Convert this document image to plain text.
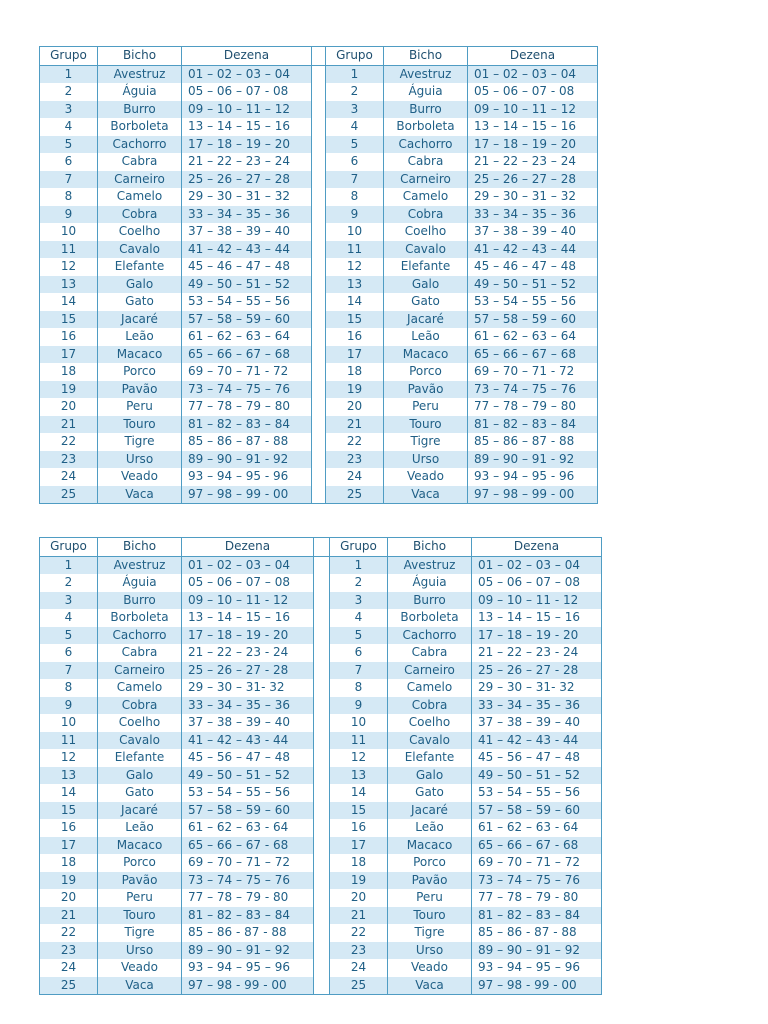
Grupo	Bicho	Dezena		Grupo	Bicho	Dezena
1	Avestruz	01 – 02 – 03 – 04		1	Avestruz	01 – 02 – 03 – 04
2	Águia	05 – 06 – 07 - 08		2	Águia	05 – 06 – 07 - 08
3	Burro	09 – 10 – 11 – 12		3	Burro	09 – 10 – 11 – 12
4	Borboleta	13 – 14 – 15 – 16		4	Borboleta	13 – 14 – 15 – 16
5	Cachorro	17 – 18 – 19 – 20		5	Cachorro	17 – 18 – 19 – 20
6	Cabra	21 – 22 – 23 – 24		6	Cabra	21 – 22 – 23 – 24
7	Carneiro	25 – 26 – 27 – 28		7	Carneiro	25 – 26 – 27 – 28
8	Camelo	29 – 30 – 31 – 32		8	Camelo	29 – 30 – 31 – 32
9	Cobra	33 – 34 – 35 – 36		9	Cobra	33 – 34 – 35 – 36
10	Coelho	37 – 38 – 39 – 40		10	Coelho	37 – 38 – 39 – 40
11	Cavalo	41 – 42 – 43 – 44		11	Cavalo	41 – 42 – 43 – 44
12	Elefante	45 – 46 – 47 – 48		12	Elefante	45 – 46 – 47 – 48
13	Galo	49 – 50 – 51 – 52		13	Galo	49 – 50 – 51 – 52
14	Gato	53 – 54 – 55 – 56		14	Gato	53 – 54 – 55 – 56
15	Jacaré	57 – 58 – 59 – 60		15	Jacaré	57 – 58 – 59 – 60
16	Leão	61 – 62 – 63 – 64		16	Leão	61 – 62 – 63 – 64
17	Macaco	65 – 66 – 67 – 68		17	Macaco	65 – 66 – 67 – 68
18	Porco	69 – 70 – 71 - 72		18	Porco	69 – 70 – 71 - 72
19	Pavão	73 – 74 – 75 – 76		19	Pavão	73 – 74 – 75 – 76
20	Peru	77 – 78 – 79 – 80		20	Peru	77 – 78 – 79 – 80
21	Touro	81 – 82 – 83 – 84		21	Touro	81 – 82 – 83 – 84
22	Tigre	85 – 86 – 87 - 88		22	Tigre	85 – 86 – 87 - 88
23	Urso	89 – 90 – 91 - 92		23	Urso	89 – 90 – 91 - 92
24	Veado	93 – 94 – 95 - 96		24	Veado	93 – 94 – 95 - 96
25	Vaca	97 – 98 – 99 - 00		25	Vaca	97 – 98 – 99 - 00
Grupo	Bicho	Dezena		Grupo	Bicho	Dezena
1	Avestruz	01 – 02 – 03 – 04		1	Avestruz	01 – 02 – 03 – 04
2	Águia	05 – 06 – 07 – 08		2	Águia	05 – 06 – 07 – 08
3	Burro	09 – 10 – 11 - 12		3	Burro	09 – 10 – 11 - 12
4	Borboleta	13 – 14 – 15 – 16		4	Borboleta	13 – 14 – 15 – 16
5	Cachorro	17 – 18 – 19 - 20		5	Cachorro	17 – 18 – 19 - 20
6	Cabra	21 – 22 – 23 - 24		6	Cabra	21 – 22 – 23 - 24
7	Carneiro	25 – 26 – 27 - 28		7	Carneiro	25 – 26 – 27 - 28
8	Camelo	29 – 30 – 31- 32		8	Camelo	29 – 30 – 31- 32
9	Cobra	33 – 34 – 35 – 36		9	Cobra	33 – 34 – 35 – 36
10	Coelho	37 – 38 – 39 – 40		10	Coelho	37 – 38 – 39 – 40
11	Cavalo	41 – 42 – 43 - 44		11	Cavalo	41 – 42 – 43 - 44
12	Elefante	45 – 56 – 47 – 48		12	Elefante	45 – 56 – 47 – 48
13	Galo	49 – 50 – 51 – 52		13	Galo	49 – 50 – 51 – 52
14	Gato	53 – 54 – 55 – 56		14	Gato	53 – 54 – 55 – 56
15	Jacaré	57 – 58 – 59 – 60		15	Jacaré	57 – 58 – 59 – 60
16	Leão	61 – 62 – 63 - 64		16	Leão	61 – 62 – 63 - 64
17	Macaco	65 – 66 – 67 - 68		17	Macaco	65 – 66 – 67 - 68
18	Porco	69 – 70 – 71 – 72		18	Porco	69 – 70 – 71 – 72
19	Pavão	73 – 74 – 75 – 76		19	Pavão	73 – 74 – 75 – 76
20	Peru	77 – 78 – 79 - 80		20	Peru	77 – 78 – 79 - 80
21	Touro	81 – 82 – 83 – 84		21	Touro	81 – 82 – 83 – 84
22	Tigre	85 – 86 - 87 - 88		22	Tigre	85 – 86 - 87 - 88
23	Urso	89 – 90 – 91 – 92		23	Urso	89 – 90 – 91 – 92
24	Veado	93 – 94 – 95 – 96		24	Veado	93 – 94 – 95 – 96
25	Vaca	97 – 98 - 99 - 00		25	Vaca	97 – 98 - 99 - 00
